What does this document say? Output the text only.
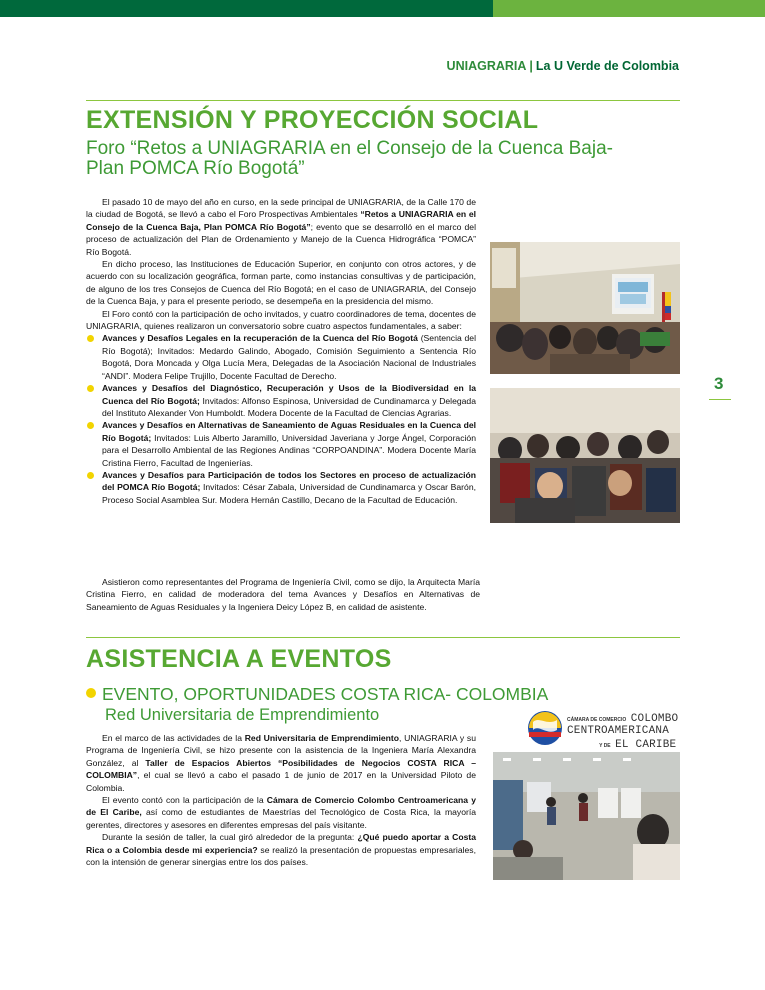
UNIAGRARIA | La U Verde de Colombia
EXTENSIÓN Y PROYECCIÓN SOCIAL
Foro “Retos a UNIAGRARIA en el Consejo de la Cuenca Baja-
Plan POMCA Río Bogotá”

El pasado 10 de mayo del año en curso, en la sede principal de UNIAGRARIA, de la Calle 170 de la ciudad de Bogotá, se llevó a cabo el Foro Prospectivas Ambientales “Retos a UNIAGRARIA en el Consejo de la Cuenca Baja, Plan POMCA Río Bogotá”; evento que se desarrolló en el marco del proceso de actualización del Plan de Ordenamiento y Manejo de la Cuenca Hidrográfica “POMCA” Río Bogotá.

En dicho proceso, las Instituciones de Educación Superior, en conjunto con otros actores, y de acuerdo con su localización geográfica, forman parte, como instancias consultivas y de participación, de alguno de los tres Consejos de Cuenca del Río Bogotá; en el caso de UNIAGRARIA, del Consejo de la Cuenca Baja, y para el presente periodo, se desempeña en la presidencia del mismo.

El Foro contó con la participación de ocho invitados, y cuatro coordinadores de tema, docentes de UNIAGRARIA, quienes realizaron un conversatorio sobre cuatro aspectos fundamentales, a saber:

Avances y Desafíos Legales en la recuperación de la Cuenca del Río Bogotá (Sentencia del Río Bogotá); Invitados: Medardo Galindo, Abogado, Comisión Seguimiento a Sentencia Río Bogotá, Dora Moncada y Olga Lucía Mera, Delegadas de la Asociación Nacional de Industriales “ANDI”. Modera Felipe Trujillo, Docente Facultad de Derecho.
Avances y Desafíos del Diagnóstico, Recuperación y Usos de la Biodiversidad en la Cuenca del Río Bogotá; Invitados: Alfonso Espinosa, Universidad de Cundinamarca y Delegada del Instituto Alexander Von Humboldt. Modera Docente de la Facultad de Ciencias Agrarias.
Avances y Desafíos en Alternativas de Saneamiento de Aguas Residuales en la Cuenca del Río Bogotá; Invitados: Luis Alberto Jaramillo, Universidad Javeriana y Jorge Ángel, Corporación para el Desarrollo Ambiental de las Regiones Andinas “CORPOANDINA”. Modera Docente María Cristina Fierro, Facultad de Ingenierías.
Avances y Desafíos para Participación de todos los Sectores en proceso de actualización del POMCA Río Bogotá; Invitados: César Zabala, Universidad de Cundinamarca y Oscar Barón, Proceso Social Asamblea Sur. Modera Hernán Castillo, Decano de la Facultad de Educación.

Asistieron como representantes del Programa de Ingeniería Civil, como se dijo, la Arquitecta María Cristina Fierro, en calidad de moderadora del tema Avances y Desafíos en Alternativas de Saneamiento de Aguas Residuales y la Ingeniera Deicy López B, en calidad de asistente.

3
ASISTENCIA A EVENTOS
EVENTO, OPORTUNIDADES COSTA RICA- COLOMBIA
Red Universitaria de Emprendimiento	CÁMARA DE COMERCIO COLOMBO
CENTROAMERICANA
Y DE EL CARIBE

En el marco de las actividades de la Red Universitaria de Emprendimiento, UNIAGRARIA y su Programa de Ingeniería Civil, se hizo presente con la asistencia de la Ingeniera María Alexandra González, al Taller de Espacios Abiertos “Posibilidades de Negocios COSTA RICA – COLOMBIA”, el cual se llevó a cabo el pasado 1 de junio de 2017 en la Universidad Piloto de Colombia.

El evento contó con la participación de la Cámara de Comercio Colombo Centroamericana y de El Caribe, así como de estudiantes de Maestrías del Tecnológico de Costa Rica, la mayoría gerentes, directores y asesores en diferentes empresas del país visitante.

Durante la sesión de taller, la cual giró alrededor de la pregunta: ¿Qué puedo aportar a Costa Rica o a Colombia desde mi experiencia? se realizó la presentación de propuestas empresariales, con la intensión de generar sinergias entre los dos países.
